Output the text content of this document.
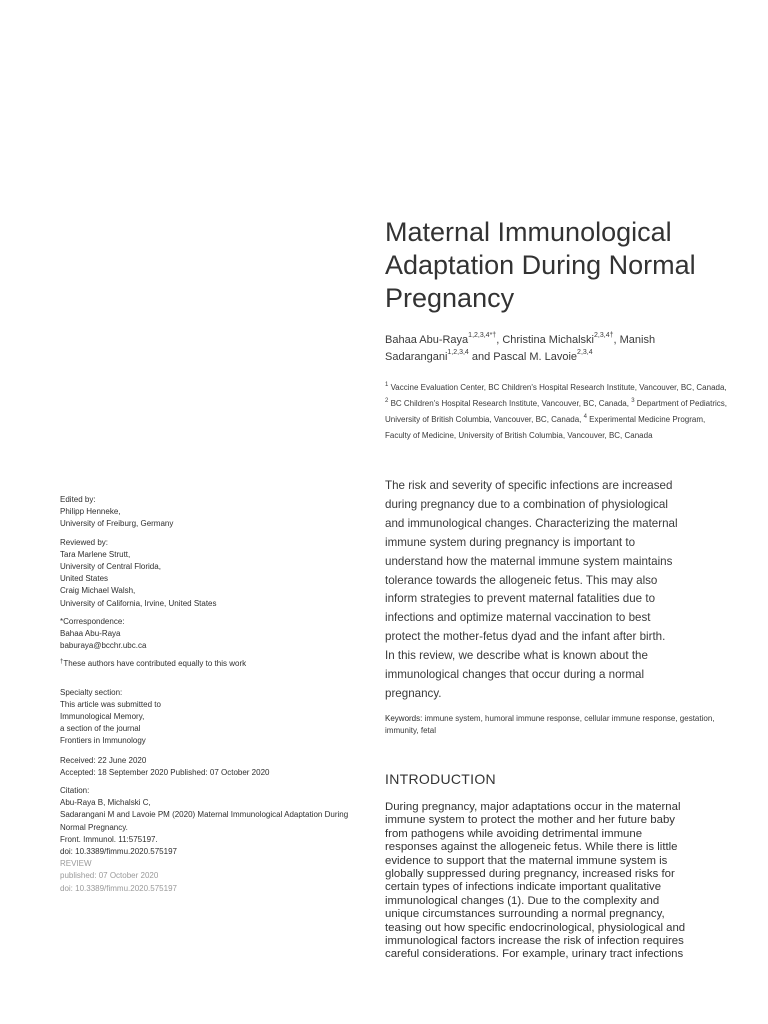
Maternal Immunological
Adaptation During Normal
Pregnancy
Bahaa Abu-Raya$^{1,2,3,4*\dagger}$, Christina Michalski$^{2,3,4\dagger}$, Manish Sadarangani$^{1,2,3,4}$ and Pascal M. Lavoie$^{2,3,4}$
$^1$ Vaccine Evaluation Center, BC Children's Hospital Research Institute, Vancouver, BC, Canada, $^2$ BC Children's Hospital Research Institute, Vancouver, BC, Canada, $^3$ Department of Pediatrics, University of British Columbia, Vancouver, BC, Canada, $^4$ Experimental Medicine Program, Faculty of Medicine, University of British Columbia, Vancouver, BC, Canada
The risk and severity of specific infections are increased
during pregnancy due to a combination of physiological
and immunological changes. Characterizing the maternal
immune system during pregnancy is important to
understand how the maternal immune system maintains
tolerance towards the allogeneic fetus. This may also
inform strategies to prevent maternal fatalities due to
infections and optimize maternal vaccination to best
protect the mother-fetus dyad and the infant after birth.
In this review, we describe what is known about the
immunological changes that occur during a normal
pregnancy.
Keywords: immune system, humoral immune response, cellular immune response, gestation, immunity, fetal
INTRODUCTION
During pregnancy, major adaptations occur in the maternal
immune system to protect the mother and her future baby
from pathogens while avoiding detrimental immune
responses against the allogeneic fetus. While there is little
evidence to support that the maternal immune system is
globally suppressed during pregnancy, increased risks for
certain types of infections indicate important qualitative
immunological changes (1). Due to the complexity and
unique circumstances surrounding a normal pregnancy,
teasing out how specific endocrinological, physiological and
immunological factors increase the risk of infection requires
careful considerations. For example, urinary tract infections
Edited by:
Philipp Henneke,
University of Freiburg, Germany
Reviewed by:
Tara Marlene Strutt,
University of Central Florida,
United States
Craig Michael Walsh,
University of California, Irvine, United States
*Correspondence:
Bahaa Abu-Raya
baburaya@bcchr.ubc.ca
†These authors have contributed equally to this work
Specialty section:
This article was submitted to
Immunological Memory,
a section of the journal
Frontiers in Immunology
Received: 22 June 2020
Accepted: 18 September 2020 Published: 07 October 2020
Citation:
Abu-Raya B, Michalski C,
Sadarangani M and Lavoie PM (2020) Maternal Immunological Adaptation During
Normal Pregnancy.
Front. Immunol. 11:575197.
doi: 10.3389/fimmu.2020.575197
REVIEW
published: 07 October 2020
doi: 10.3389/fimmu.2020.575197
